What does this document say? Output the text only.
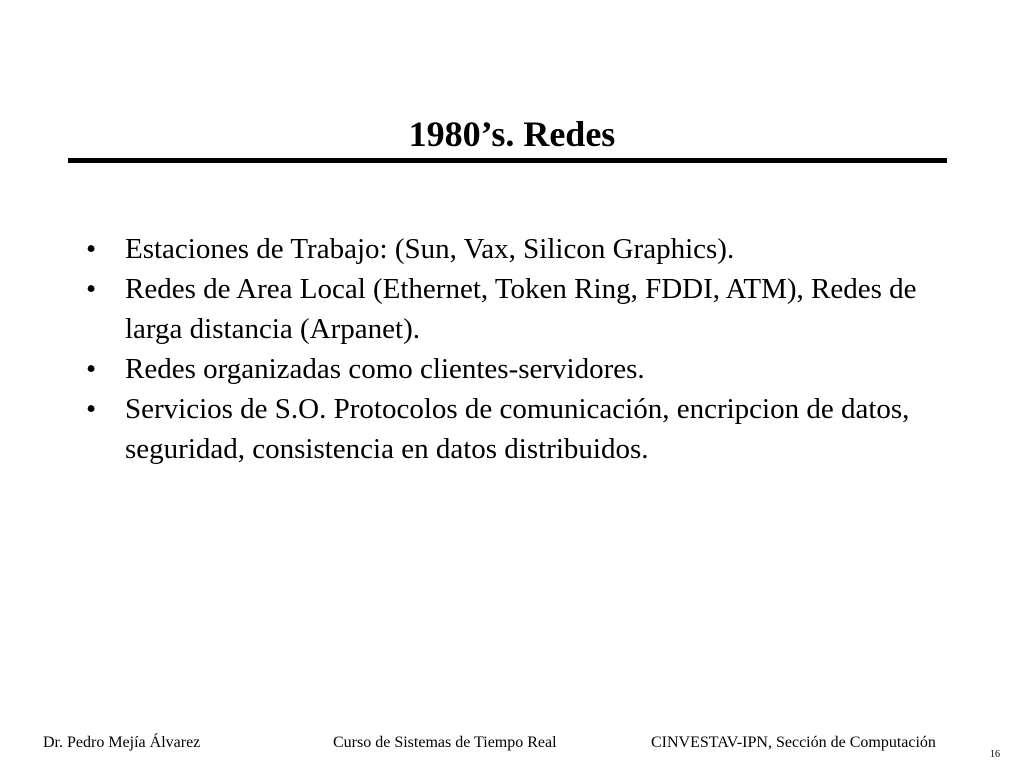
1980’s. Redes
• Estaciones de Trabajo: (Sun, Vax, Silicon Graphics).
• Redes de Area Local (Ethernet, Token Ring, FDDI, ATM), Redes de larga distancia (Arpanet).
• Redes organizadas como clientes-servidores.
• Servicios de S.O. Protocolos de comunicación, encripcion de datos, seguridad, consistencia en datos distribuidos.
Dr. Pedro Mejía Álvarez	Curso de Sistemas de Tiempo Real	CINVESTAV-IPN, Sección de Computación
16
